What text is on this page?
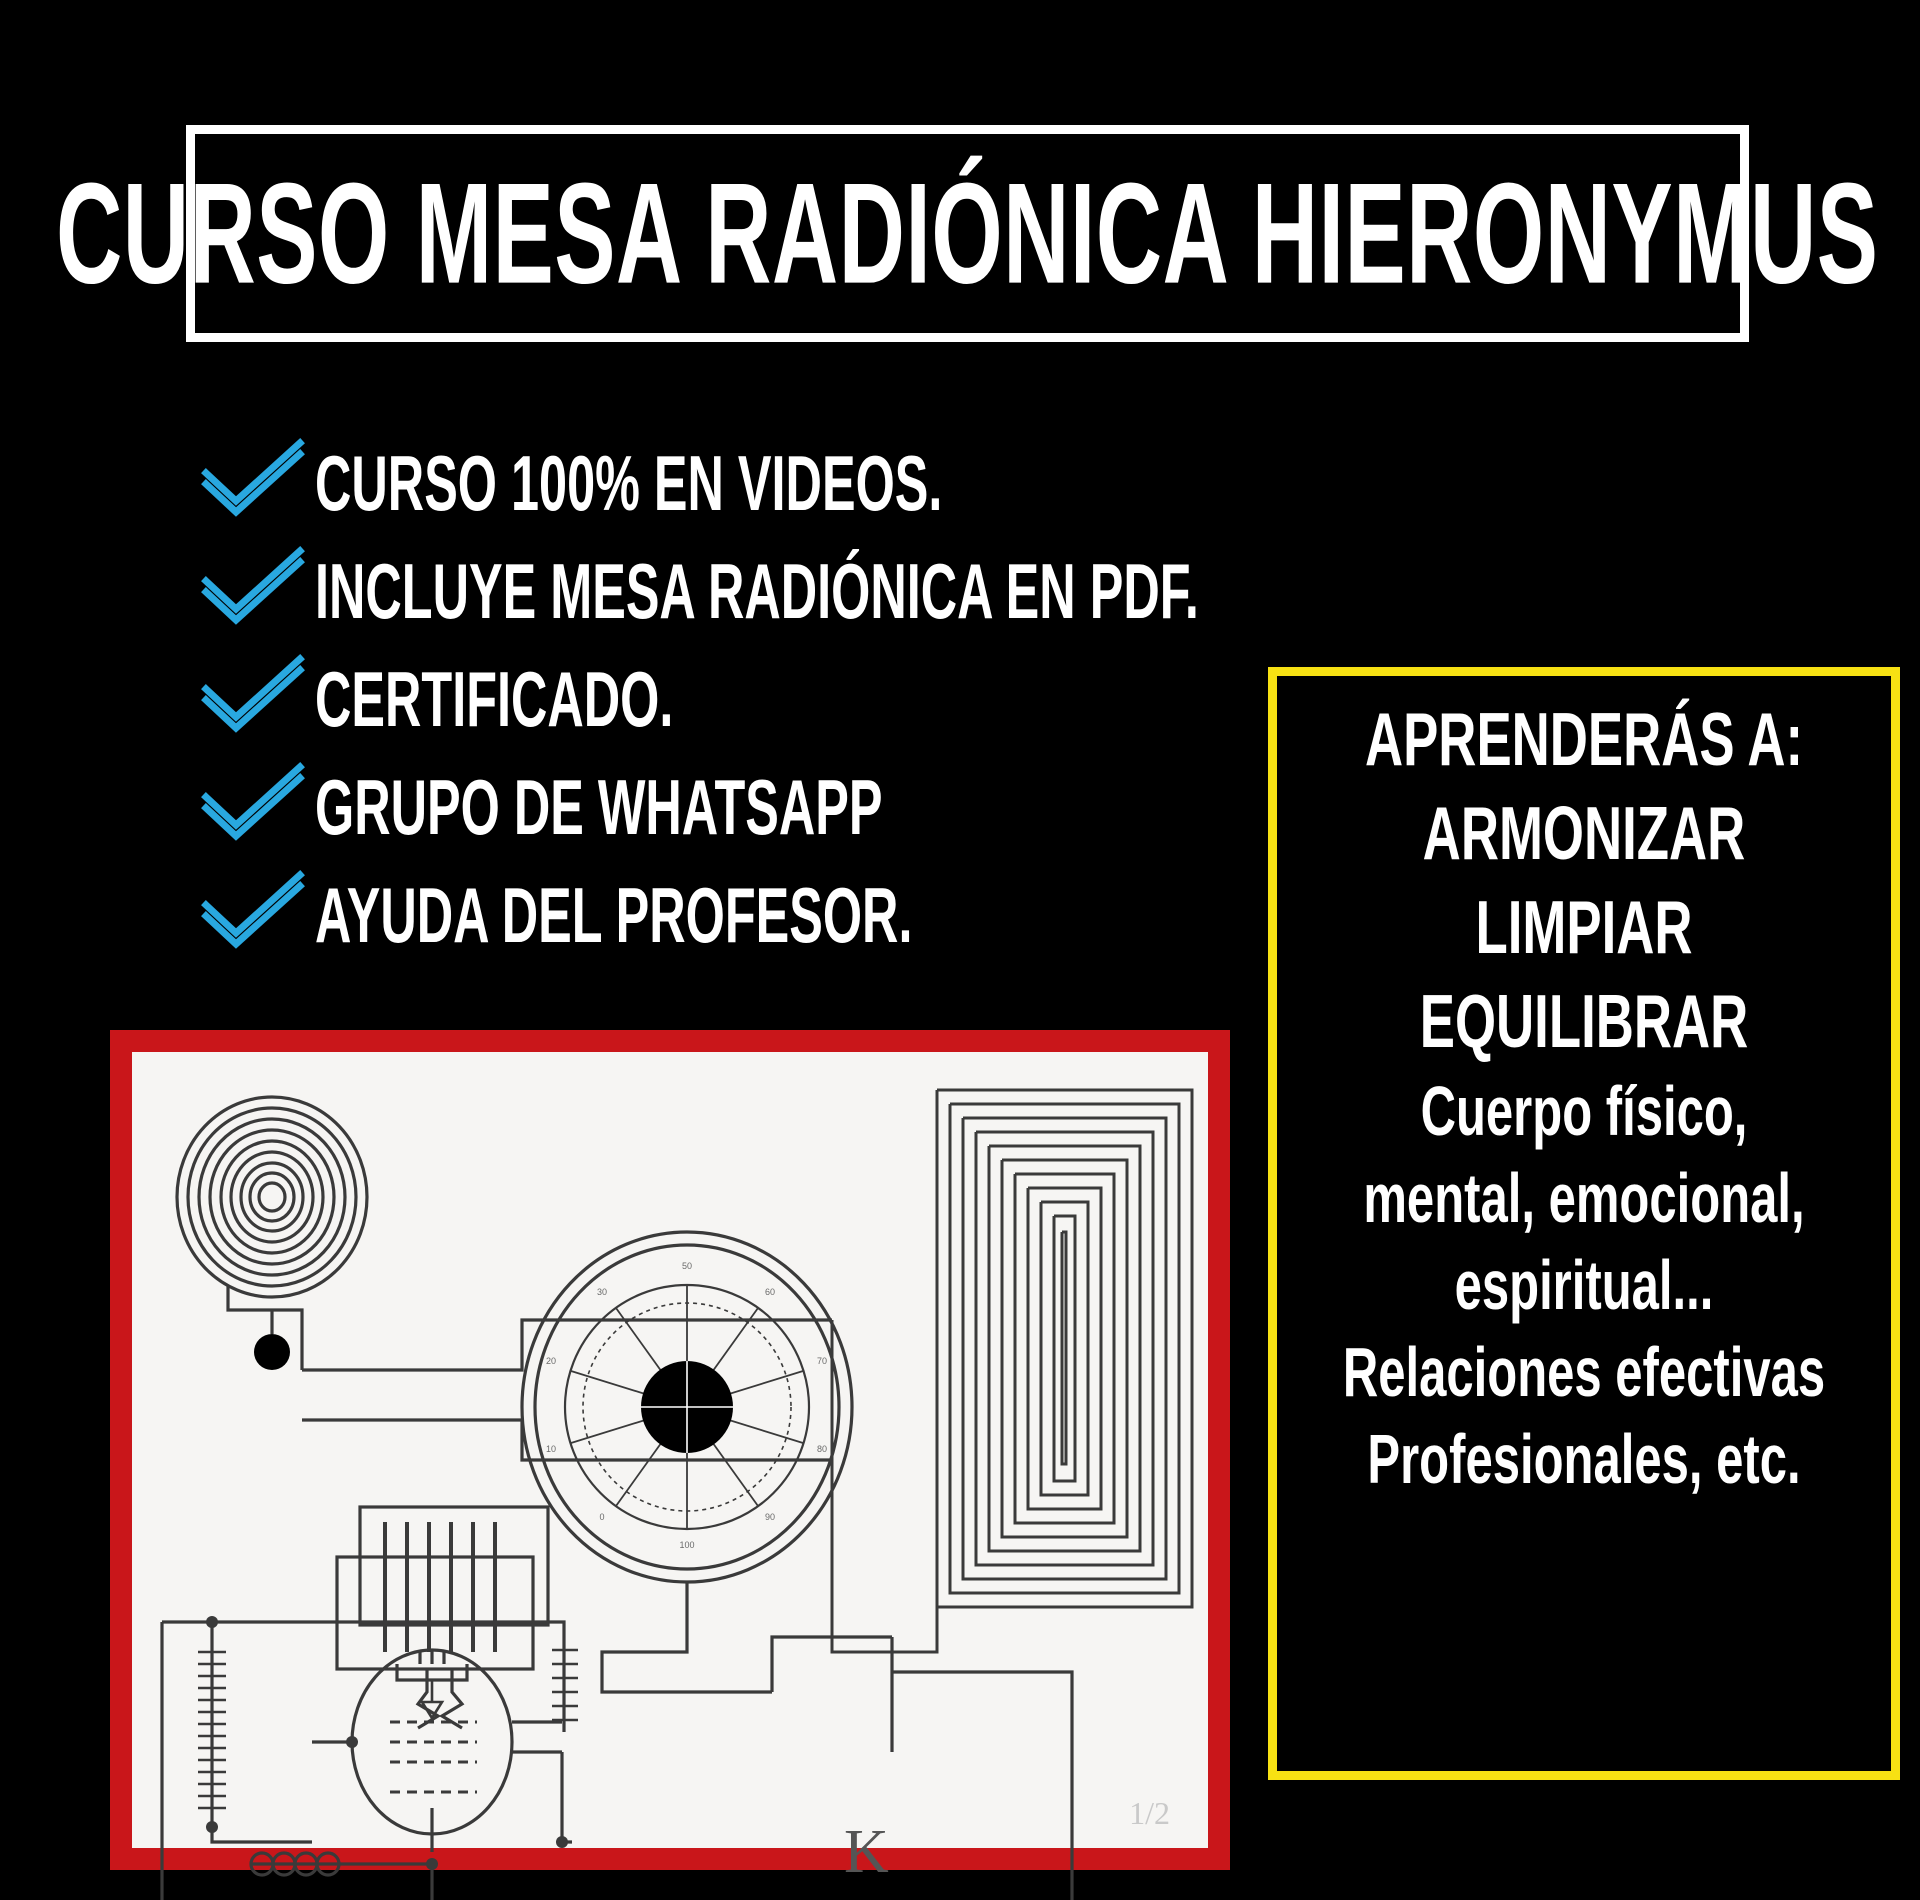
CURSO MESA RADIÓNICA HIERONYMUS
CURSO 100% EN VIDEOS.
INCLUYE MESA RADIÓNICA EN PDF.
CERTIFICADO.
GRUPO DE WHATSAPP
AYUDA DEL PROFESOR.
50
60
70
80
90
100
0
10
20
30
K
1/2
APRENDERÁS A:
ARMONIZAR
LIMPIAR
EQUILIBRAR
Cuerpo físico,
mental, emocional,
espiritual...
Relaciones efectivas
Profesionales, etc.
